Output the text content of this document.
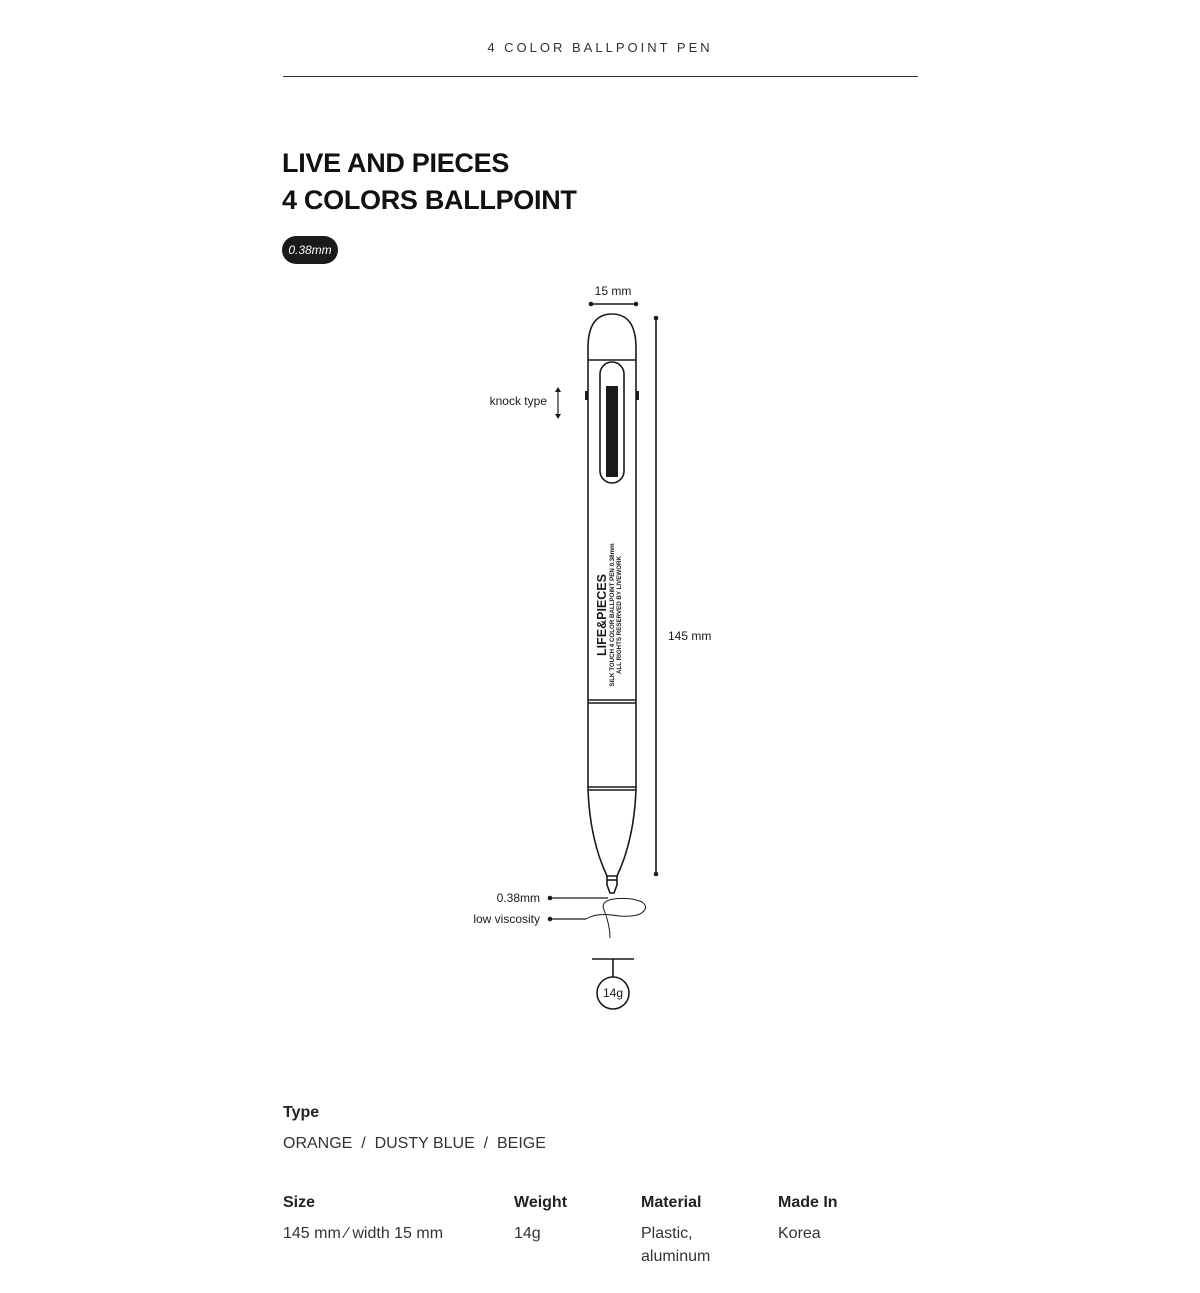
4 COLOR BALLPOINT PEN
LIVE AND PIECES
4 COLORS BALLPOINT
0.38mm
15 mm
145 mm
knock type
0.38mm
low viscosity
14g
LIFE&PIECES SILK TOUCH 4 COLOR BALLPOINT PEN 0.38mm ALL RIGHTS RESERVED BY LIVEWORK

Type

ORANGE  /  DUSTY BLUE  /  BEIGE

Size

145 mm ⁄ width 15 mm

Weight

14g

Material

Plastic,
aluminum

Made In

Korea
